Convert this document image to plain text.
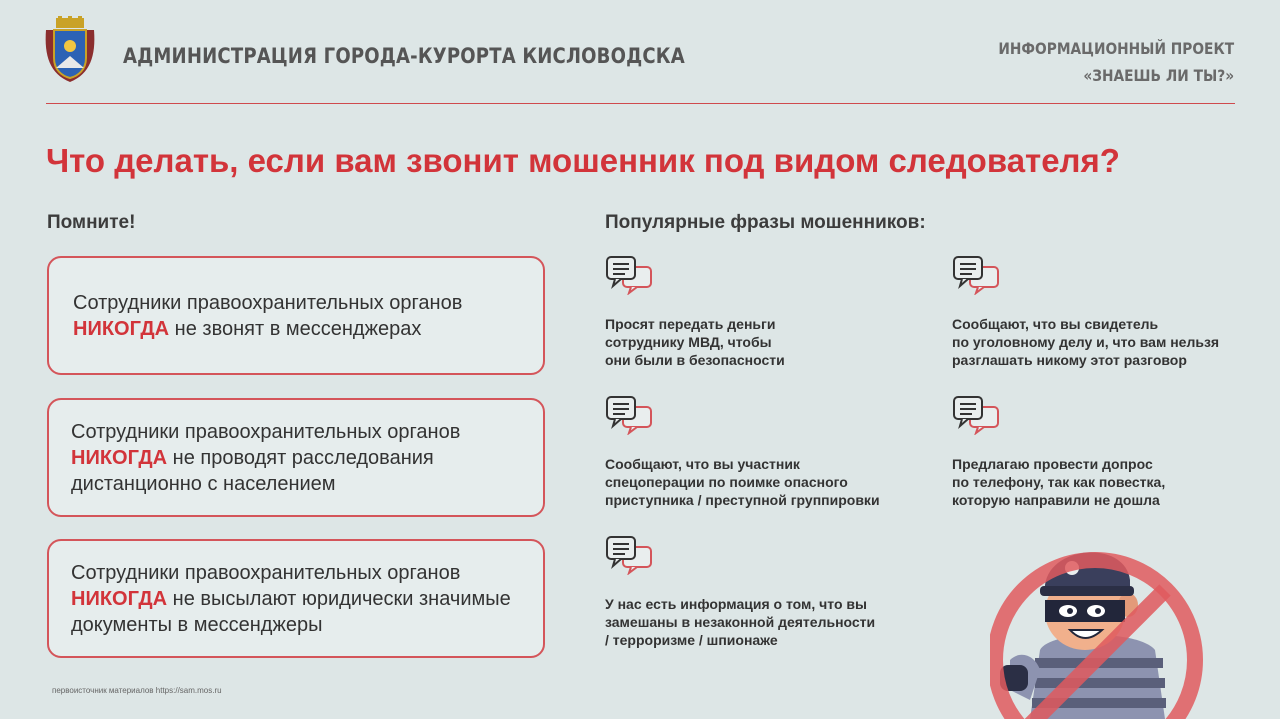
АДМИНИСТРАЦИЯ ГОРОДА-КУРОРТА КИСЛОВОДСКА	ИНФОРМАЦИОННЫЙ ПРОЕКТ
«ЗНАЕШЬ ЛИ ТЫ?»
Что делать, если вам звонит мошенник под видом следователя?
Помните!	Популярные фразы мошенников:
Сотрудники правоохранительных органов
НИКОГДА не звонят в мессенджерах
Сотрудники правоохранительных органов
НИКОГДА не проводят расследования дистанционно с населением
Сотрудники правоохранительных органов
НИКОГДА не высылают юридически значимые документы в мессенджеры
Просят передать деньги
сотруднику МВД, чтобы
они были в безопасности
Сообщают, что вы свидетель
по уголовному делу и, что вам нельзя
разглашать никому этот разговор
Сообщают, что вы участник
спецоперации по поимке опасного
приступника / преступной группировки
Предлагаю провести допрос
по телефону, так как повестка,
которую направили не дошла
У нас есть информация о том, что вы
замешаны в незаконной деятельности
/ терроризме / шпионаже
первоисточник материалов https://sam.mos.ru
